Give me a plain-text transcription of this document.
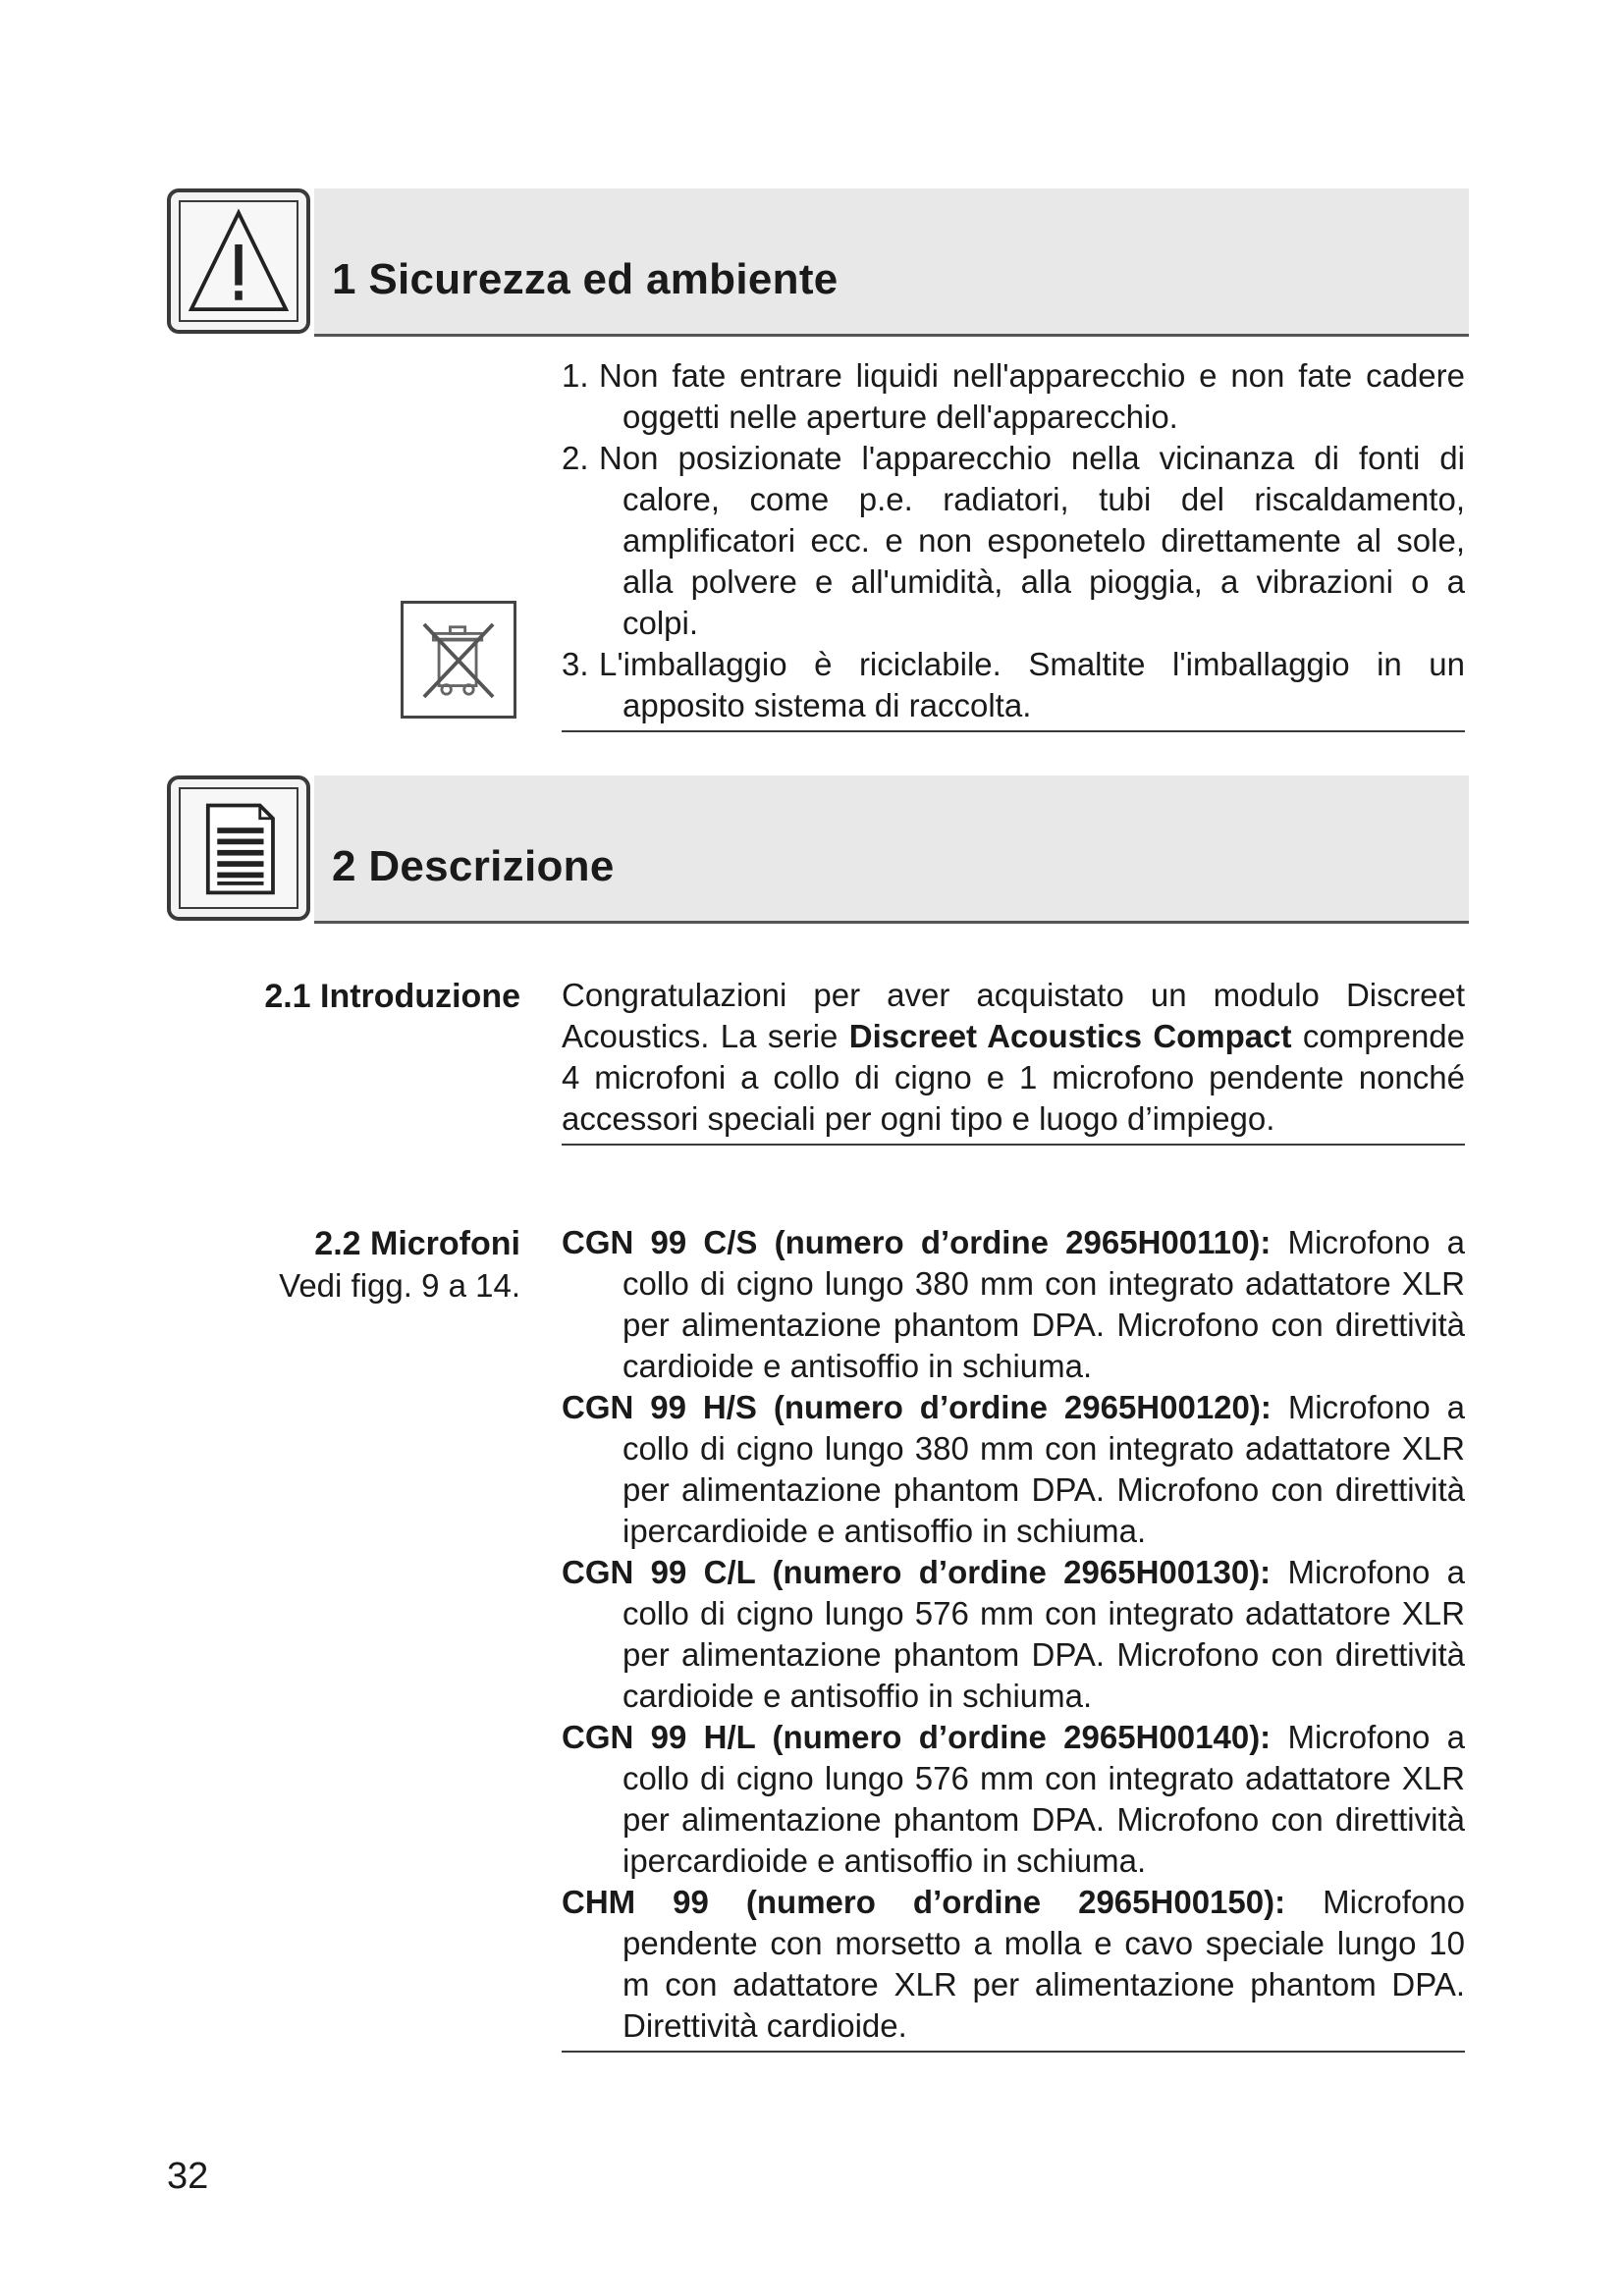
1 Sicurezza ed ambiente

1. Non fate entrare liquidi nell'apparecchio e non fate cadere oggetti nelle aperture dell'apparecchio.

2. Non posizionate l'apparecchio nella vicinanza di fonti di calore, come p.e. radiatori, tubi del riscaldamento, amplificatori ecc. e non esponetelo direttamente al sole, alla polvere e all'umidità, alla pioggia, a vibrazioni o a colpi.

3. L'imballaggio è riciclabile. Smaltite l'imballaggio in un apposito sistema di raccolta.

2 Descrizione
2.1 Introduzione Congratulazioni per aver acquistato un modulo Discreet Acoustics. La serie Discreet Acoustics Compact comprende 4 microfoni a collo di cigno e 1 microfono pendente nonché accessori speciali per ogni tipo e luogo d’impiego.
2.2 Microfoni
Vedi figg. 9 a 14.

CGN 99 C/S (numero d’ordine 2965H00110): Microfono a collo di cigno lungo 380 mm con integrato adattatore XLR per alimentazione phantom DPA. Microfono con direttività cardioide e antisoffio in schiuma.

CGN 99 H/S (numero d’ordine 2965H00120): Microfono a collo di cigno lungo 380 mm con integrato adattatore XLR per alimentazione phantom DPA. Microfono con direttività ipercardioide e antisoffio in schiuma.

CGN 99 C/L (numero d’ordine 2965H00130): Microfono a collo di cigno lungo 576 mm con integrato adattatore XLR per alimentazione phantom DPA. Microfono con direttività cardioide e antisoffio in schiuma.

CGN 99 H/L (numero d’ordine 2965H00140): Microfono a collo di cigno lungo 576 mm con integrato adattatore XLR per alimentazione phantom DPA. Microfono con direttività ipercardioide e antisoffio in schiuma.

CHM 99 (numero d’ordine 2965H00150): Microfono pendente con morsetto a molla e cavo speciale lungo 10 m con adattatore XLR per alimentazione phantom DPA. Direttività cardioide.

32
